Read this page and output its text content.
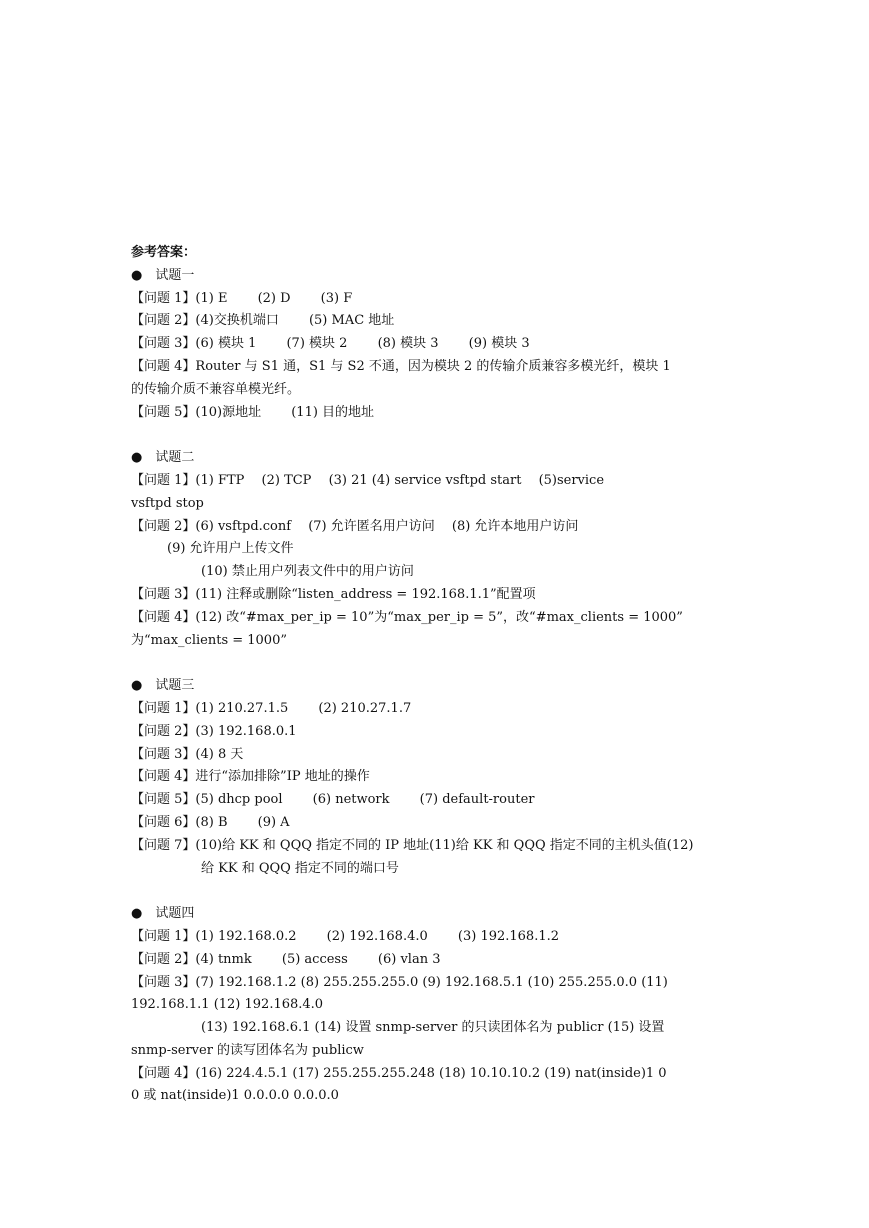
参考答案：
●　试题一
【问题 1】(1) E　　 (2) D　　 (3) F
【问题 2】(4)交换机端口　　 (5) MAC 地址
【问题 3】(6) 模块 1　　 (7) 模块 2　　 (8) 模块 3　　 (9) 模块 3
【问题 4】Router 与 S1 通，S1 与 S2 不通，因为模块 2 的传输介质兼容多模光纤，模块 1
的传输介质不兼容单模光纤。
【问题 5】(10)源地址　　 (11) 目的地址
●　试题二
【问题 1】(1) FTP　 (2) TCP　 (3) 21 (4) service vsftpd start　 (5)service
vsftpd stop
【问题 2】(6) vsftpd.conf　 (7) 允许匿名用户访问　 (8) 允许本地用户访问
(9) 允许用户上传文件
(10) 禁止用户列表文件中的用户访问
【问题 3】(11) 注释或删除“listen_address = 192.168.1.1”配置项
【问题 4】(12) 改“#max_per_ip = 10”为“max_per_ip = 5”，改“#max_clients = 1000”
为“max_clients = 1000”
●　试题三
【问题 1】(1) 210.27.1.5　　 (2) 210.27.1.7
【问题 2】(3) 192.168.0.1
【问题 3】(4) 8 天
【问题 4】进行“添加排除”IP 地址的操作
【问题 5】(5) dhcp pool　　 (6) network　　 (7) default-router
【问题 6】(8) B　　 (9) A
【问题 7】(10)给 KK 和 QQQ 指定不同的 IP 地址(11)给 KK 和 QQQ 指定不同的主机头值(12)
给 KK 和 QQQ 指定不同的端口号
●　试题四
【问题 1】(1) 192.168.0.2　　 (2) 192.168.4.0　　 (3) 192.168.1.2
【问题 2】(4) tnmk　　 (5) access　　 (6) vlan 3
【问题 3】(7) 192.168.1.2 (8) 255.255.255.0 (9) 192.168.5.1 (10) 255.255.0.0 (11)
192.168.1.1 (12) 192.168.4.0
(13) 192.168.6.1 (14) 设置 snmp-server 的只读团体名为 publicr (15) 设置
snmp-server 的读写团体名为 publicw
【问题 4】(16) 224.4.5.1 (17) 255.255.255.248 (18) 10.10.10.2 (19) nat(inside)1 0
0 或 nat(inside)1 0.0.0.0 0.0.0.0
